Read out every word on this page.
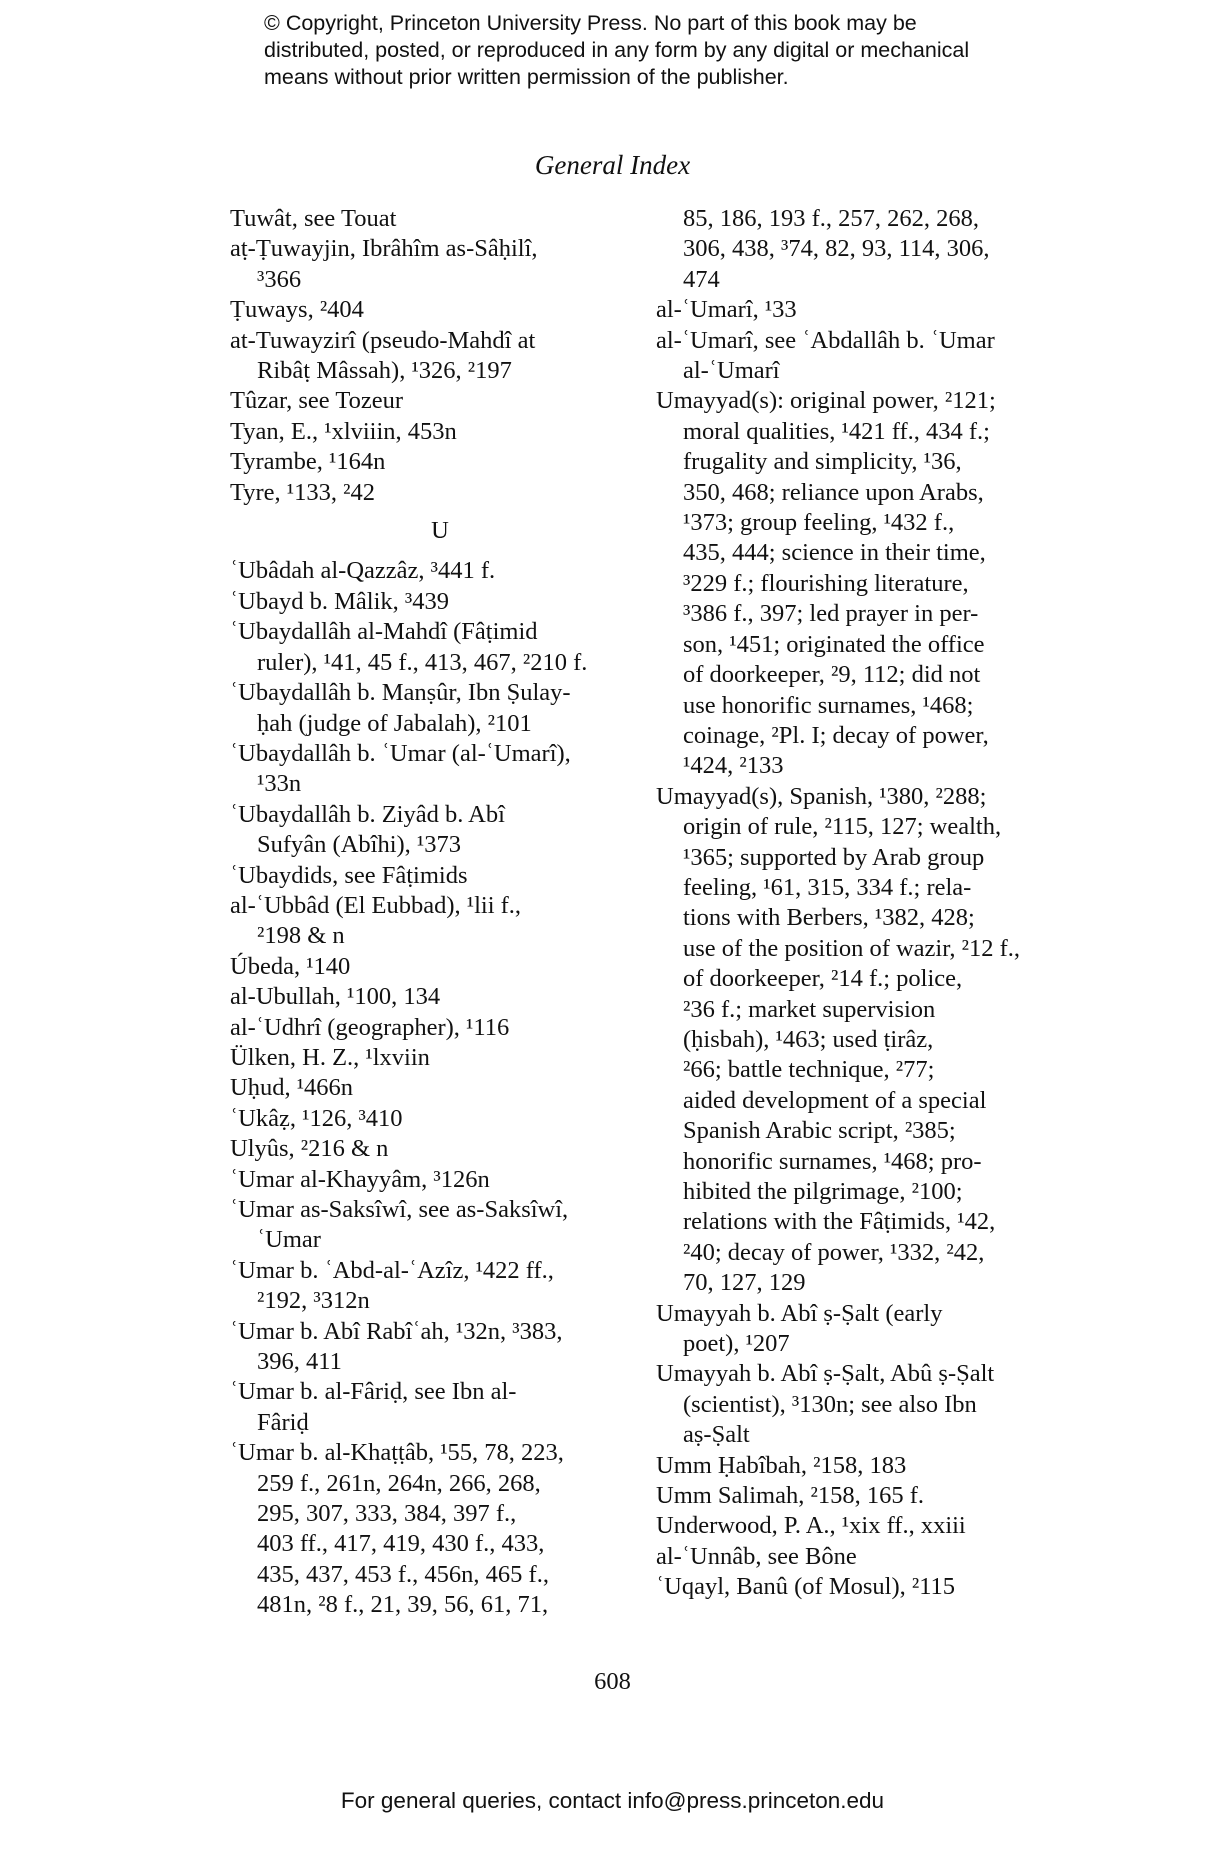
© Copyright, Princeton University Press. No part of this book may be
distributed, posted, or reproduced in any form by any digital or mechanical
means without prior written permission of the publisher.
General Index
Tuwât, see Touat
aṭ-Ṭuwayjin, Ibrâhîm as-Sâḥilî,
³366
Ṭuways, ²404
at-Tuwayzirî (pseudo-Mahdî at
Ribâṭ Mâssah), ¹326, ²197
Tûzar, see Tozeur
Tyan, E., ¹xlviiin, 453n
Tyrambe, ¹164n
Tyre, ¹133, ²42
U
ʿUbâdah al-Qazzâz, ³441 f.
ʿUbayd b. Mâlik, ³439
ʿUbaydallâh al-Mahdî (Fâṭimid
ruler), ¹41, 45 f., 413, 467, ²210 f.
ʿUbaydallâh b. Manṣûr, Ibn Ṣulay-
ḥah (judge of Jabalah), ²101
ʿUbaydallâh b. ʿUmar (al-ʿUmarî),
¹33n
ʿUbaydallâh b. Ziyâd b. Abî
Sufyân (Abîhi), ¹373
ʿUbaydids, see Fâṭimids
al-ʿUbbâd (El Eubbad), ¹lii f.,
²198 & n
Úbeda, ¹140
al-Ubullah, ¹100, 134
al-ʿUdhrî (geographer), ¹116
Ülken, H. Z., ¹lxviin
Uḥud, ¹466n
ʿUkâẓ, ¹126, ³410
Ulyûs, ²216 & n
ʿUmar al-Khayyâm, ³126n
ʿUmar as-Saksîwî, see as-Saksîwî,
ʿUmar
ʿUmar b. ʿAbd-al-ʿAzîz, ¹422 ff.,
²192, ³312n
ʿUmar b. Abî Rabîʿah, ¹32n, ³383,
396, 411
ʿUmar b. al-Fâriḍ, see Ibn al-
Fâriḍ
ʿUmar b. al-Khaṭṭâb, ¹55, 78, 223,
259 f., 261n, 264n, 266, 268,
295, 307, 333, 384, 397 f.,
403 ff., 417, 419, 430 f., 433,
435, 437, 453 f., 456n, 465 f.,
481n, ²8 f., 21, 39, 56, 61, 71,
85, 186, 193 f., 257, 262, 268,
306, 438, ³74, 82, 93, 114, 306,
474
al-ʿUmarî, ¹33
al-ʿUmarî, see ʿAbdallâh b. ʿUmar
al-ʿUmarî
Umayyad(s): original power, ²121;
moral qualities, ¹421 ff., 434 f.;
frugality and simplicity, ¹36,
350, 468; reliance upon Arabs,
¹373; group feeling, ¹432 f.,
435, 444; science in their time,
³229 f.; flourishing literature,
³386 f., 397; led prayer in per-
son, ¹451; originated the office
of doorkeeper, ²9, 112; did not
use honorific surnames, ¹468;
coinage, ²Pl. I; decay of power,
¹424, ²133
Umayyad(s), Spanish, ¹380, ²288;
origin of rule, ²115, 127; wealth,
¹365; supported by Arab group
feeling, ¹61, 315, 334 f.; rela-
tions with Berbers, ¹382, 428;
use of the position of wazir, ²12 f.,
of doorkeeper, ²14 f.; police,
²36 f.; market supervision
(ḥisbah), ¹463; used ṭirâz,
²66; battle technique, ²77;
aided development of a special
Spanish Arabic script, ²385;
honorific surnames, ¹468; pro-
hibited the pilgrimage, ²100;
relations with the Fâṭimids, ¹42,
²40; decay of power, ¹332, ²42,
70, 127, 129
Umayyah b. Abî ṣ-Ṣalt (early
poet), ¹207
Umayyah b. Abî ṣ-Ṣalt, Abû ṣ-Ṣalt
(scientist), ³130n; see also Ibn
aṣ-Ṣalt
Umm Ḥabîbah, ²158, 183
Umm Salimah, ²158, 165 f.
Underwood, P. A., ¹xix ff., xxiii
al-ʿUnnâb, see Bône
ʿUqayl, Banû (of Mosul), ²115
608
For general queries, contact info@press.princeton.edu
